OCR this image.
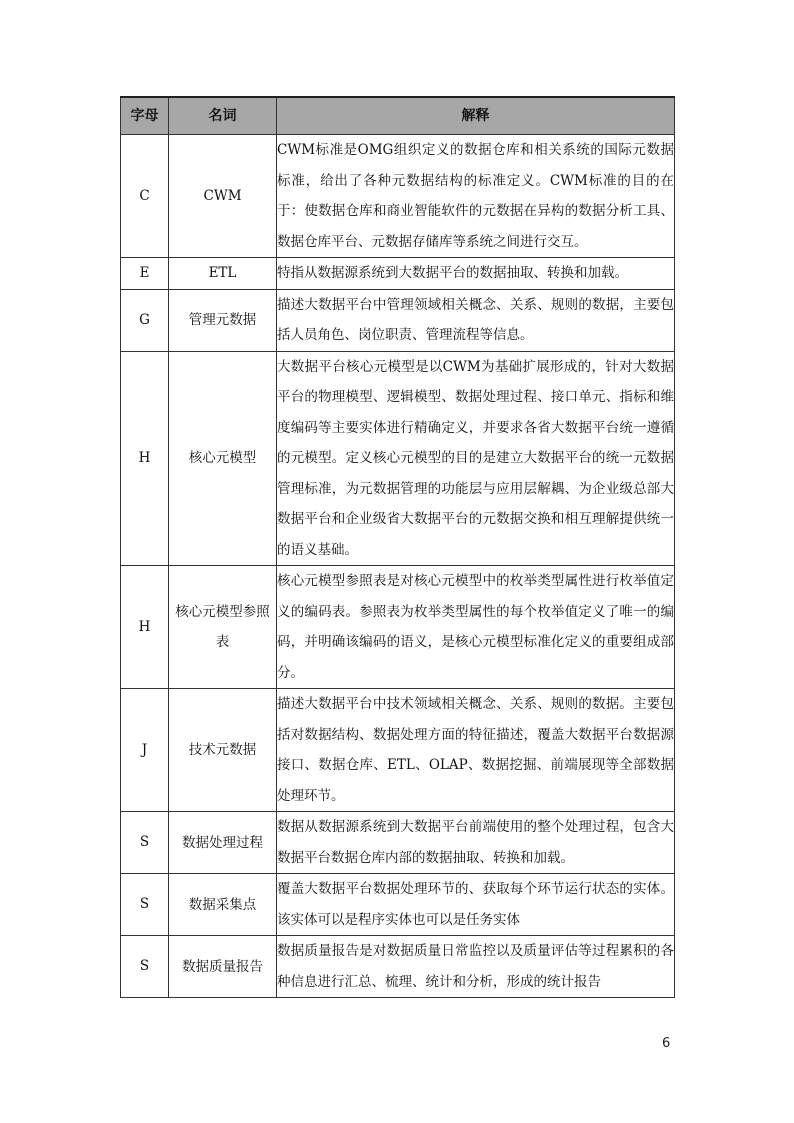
字母	名词	解释
C	CWM	CWM标准是OMG组织定义的数据仓库和相关系统的国际元数据标准，给出了各种元数据结构的标准定义。CWM标准的目的在于：使数据仓库和商业智能软件的元数据在异构的数据分析工具、数据仓库平台、元数据存储库等系统之间进行交互。
E	ETL	特指从数据源系统到大数据平台的数据抽取、转换和加载。
G	管理元数据	描述大数据平台中管理领域相关概念、关系、规则的数据，主要包括人员角色、岗位职责、管理流程等信息。
H	核心元模型	大数据平台核心元模型是以CWM为基础扩展形成的，针对大数据平台的物理模型、逻辑模型、数据处理过程、接口单元、指标和维度编码等主要实体进行精确定义，并要求各省大数据平台统一遵循的元模型。定义核心元模型的目的是建立大数据平台的统一元数据管理标准，为元数据管理的功能层与应用层解耦、为企业级总部大数据平台和企业级省大数据平台的元数据交换和相互理解提供统一的语义基础。
H	核心元模型参照表	核心元模型参照表是对核心元模型中的枚举类型属性进行枚举值定义的编码表。参照表为枚举类型属性的每个枚举值定义了唯一的编码，并明确该编码的语义，是核心元模型标准化定义的重要组成部分。
J	技术元数据	描述大数据平台中技术领域相关概念、关系、规则的数据。主要包括对数据结构、数据处理方面的特征描述，覆盖大数据平台数据源接口、数据仓库、ETL、OLAP、数据挖掘、前端展现等全部数据处理环节。
S	数据处理过程	数据从数据源系统到大数据平台前端使用的整个处理过程，包含大数据平台数据仓库内部的数据抽取、转换和加载。
S	数据采集点	覆盖大数据平台数据处理环节的、获取每个环节运行状态的实体。该实体可以是程序实体也可以是任务实体
S	数据质量报告	数据质量报告是对数据质量日常监控以及质量评估等过程累积的各种信息进行汇总、梳理、统计和分析，形成的统计报告
6
